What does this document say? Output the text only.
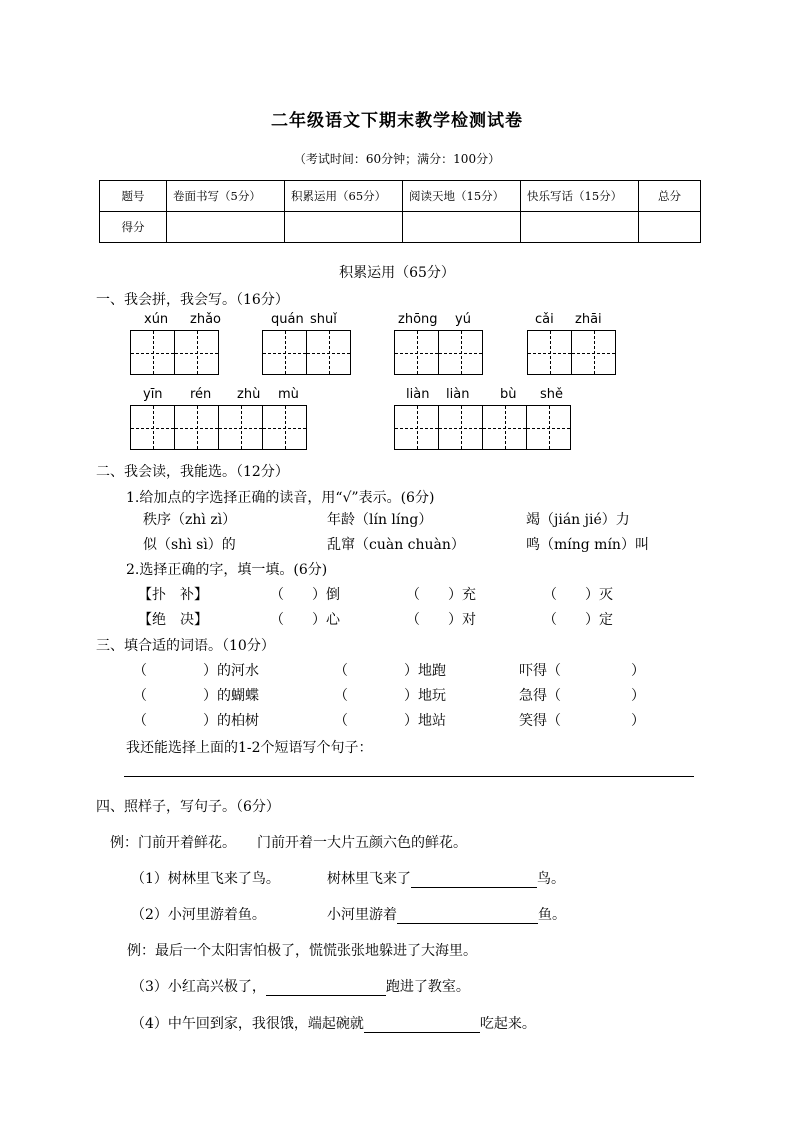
二年级语文下期末教学检测试卷
（考试时间：60分钟；满分：100分）
题号	卷面书写（5分）	积累运用（65分）	阅读天地（15分）	快乐写话（15分）	总分
得分					
积累运用（65分）
一、我会拼，我会写。（16分）
xún zhǎo	quán shuǐ	zhōng yú	cǎi zhāi
yīn rén zhù mù	liàn liàn bù shě
二、我会读，我能选。（12分）
1.给加点的字选择正确的读音，用“√”表示。(6分)
秩序（zhì zì）	年龄（lín líng）	竭（jián jié）力
似（shì sì）的	乱窜（cuàn chuàn）	鸣（míng mín）叫
2.选择正确的字，填一填。(6分)
【扑　补】	（　　）倒	（　　）充	（　　）灭
【绝　决】	（　　）心	（　　）对	（　　）定
三、填合适的词语。（10分）
（　　　　）的河水	（　　　　）地跑	吓得（　　　　　）
（　　　　）的蝴蝶	（　　　　）地玩	急得（　　　　　）
（　　　　）的柏树	（　　　　）地站	笑得（　　　　　）
我还能选择上面的1-2个短语写个句子：
四、照样子，写句子。（6分）
例：门前开着鲜花。　　门前开着一大片五颜六色的鲜花。
（1）树林里飞来了鸟。	树林里飞来了	鸟。
（2）小河里游着鱼。	小河里游着	鱼。
例：最后一个太阳害怕极了，慌慌张张地躲进了大海里。
（3）小红高兴极了，	跑进了教室。
（4）中午回到家，我很饿，端起碗就	吃起来。
